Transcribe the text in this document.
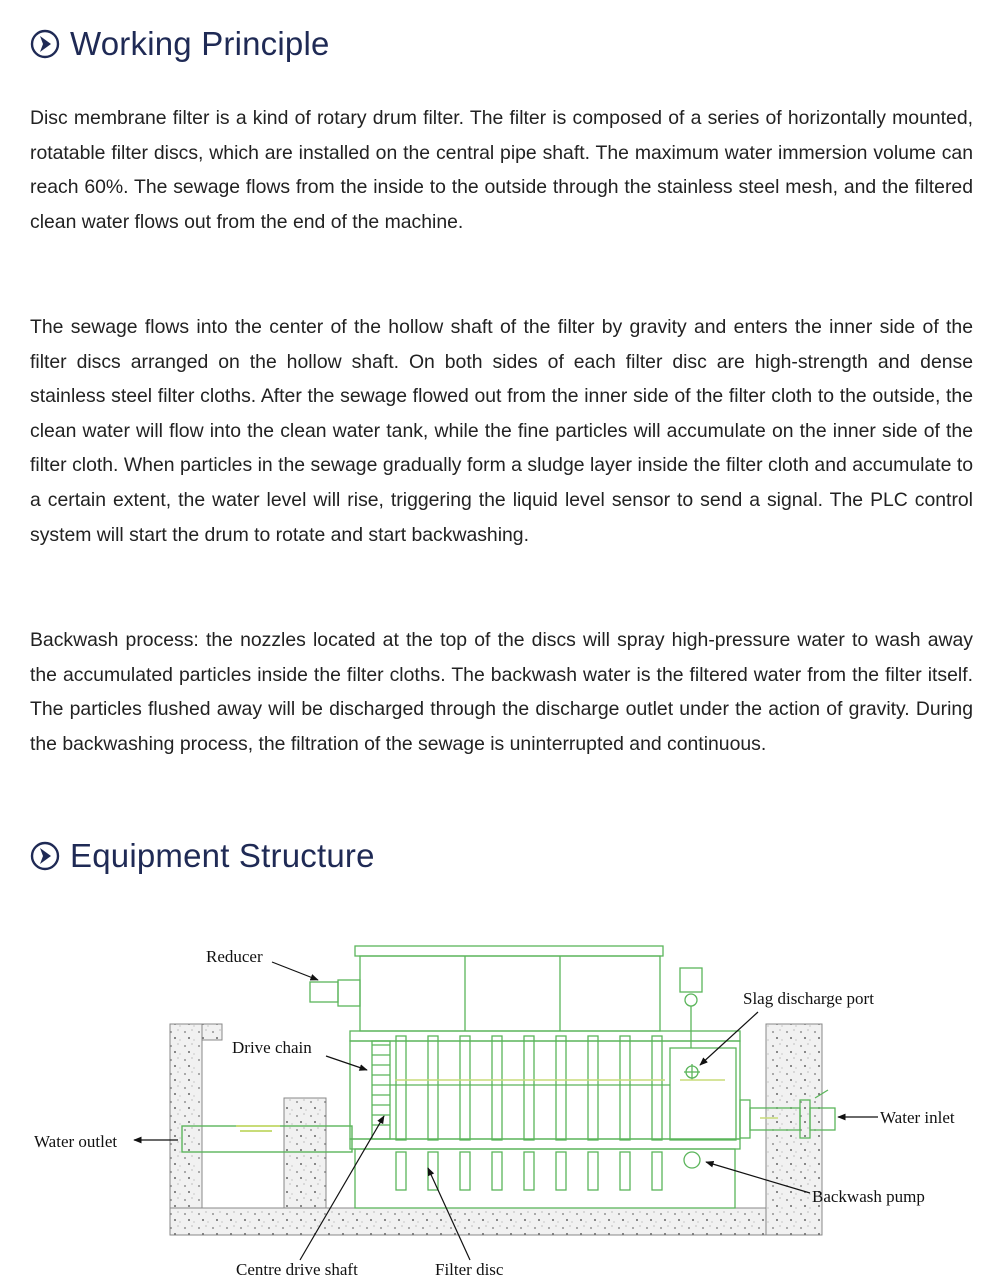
Working Principle

Disc membrane filter is a kind of rotary drum filter. The filter is composed of a series of horizontally mounted, rotatable filter discs, which are installed on the central pipe shaft. The maximum water immersion volume can reach 60%. The sewage flows from the inside to the outside through the stainless steel mesh, and the filtered clean water flows out from the end of the machine.

The sewage flows into the center of the hollow shaft of the filter by gravity and enters the inner side of the filter discs arranged on the hollow shaft. On both sides of each filter disc are high-strength and dense stainless steel filter cloths. After the sewage flowed out from the inner side of the filter cloth to the outside, the clean water will flow into the clean water tank, while the fine particles will accumulate on the inner side of the filter cloth. When particles in the sewage gradually form a sludge layer inside the filter cloth and accumulate to a certain extent, the water level will rise, triggering the liquid level sensor to send a signal. The PLC control system will start the drum to rotate and start backwashing.

Backwash process: the nozzles located at the top of the discs will spray high-pressure water to wash away the accumulated particles inside the filter cloths. The backwash water is the filtered water from the filter itself. The particles flushed away will be discharged through the discharge outlet under the action of gravity. During the backwashing process, the filtration of the sewage is uninterrupted and continuous.

Equipment Structure
Reducer
Drive chain
Water outlet
Slag discharge port
Water inlet
Backwash pump
Centre drive shaft	Filter disc
